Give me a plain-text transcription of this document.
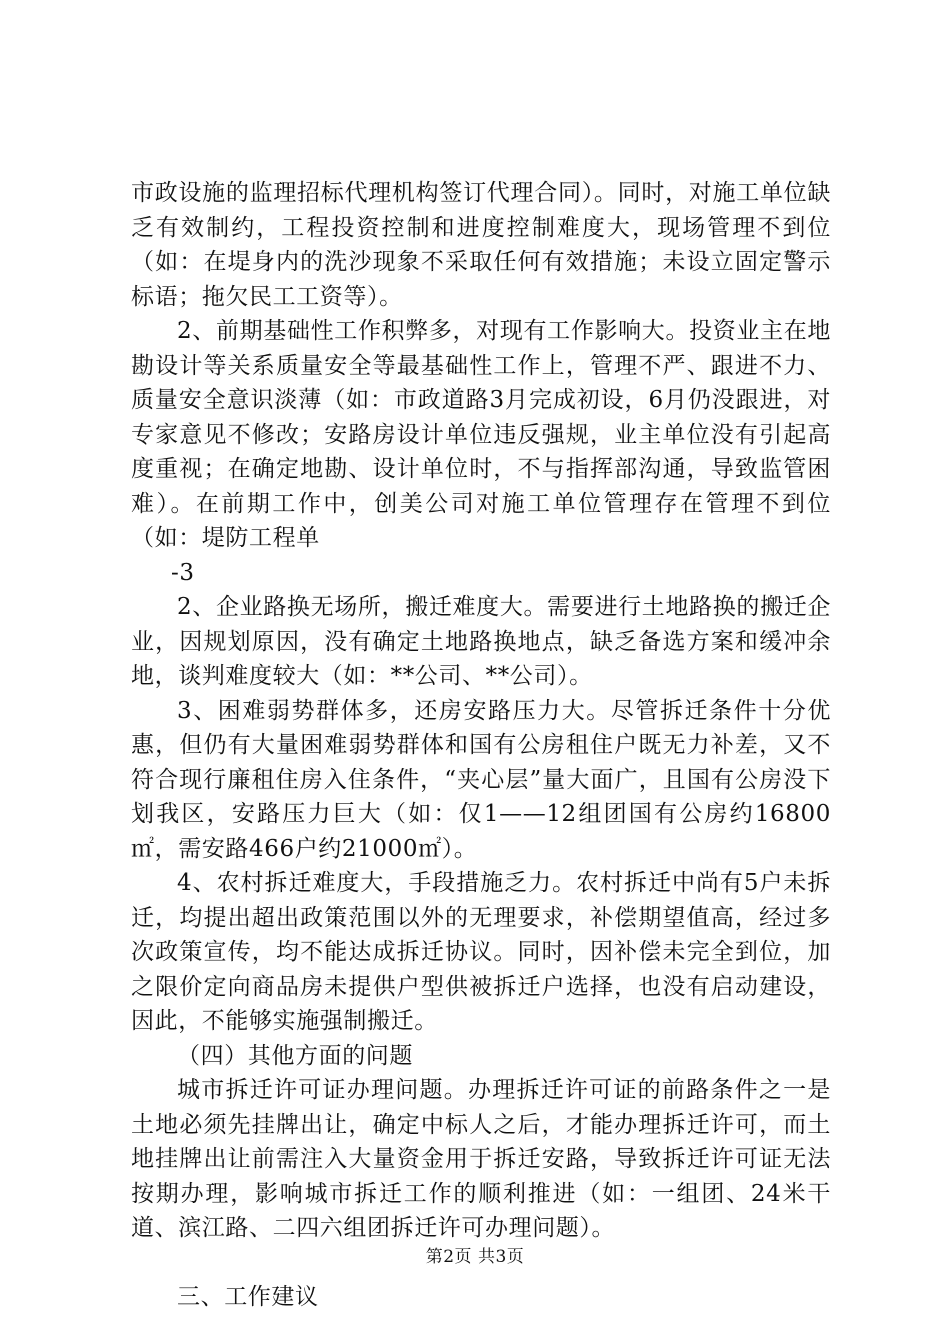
市政设施的监理招标代理机构签订代理合同）。同时，对施工单位缺乏有效制约，工程投资控制和进度控制难度大，现场管理不到位（如：在堤身内的洗沙现象不采取任何有效措施；未设立固定警示标语；拖欠民工工资等）。

2、前期基础性工作积弊多，对现有工作影响大。投资业主在地勘设计等关系质量安全等最基础性工作上，管理不严、跟进不力、质量安全意识淡薄（如：市政道路3月完成初设，6月仍没跟进，对专家意见不修改；安路房设计单位违反强规，业主单位没有引起高度重视；在确定地勘、设计单位时，不与指挥部沟通，导致监管困难）。在前期工作中，创美公司对施工单位管理存在管理不到位（如：堤防工程单

-3

2、企业路换无场所，搬迁难度大。需要进行土地路换的搬迁企业，因规划原因，没有确定土地路换地点，缺乏备选方案和缓冲余地，谈判难度较大（如：**公司、**公司）。

3、困难弱势群体多，还房安路压力大。尽管拆迁条件十分优惠，但仍有大量困难弱势群体和国有公房租住户既无力补差，又不符合现行廉租住房入住条件，“夹心层”量大面广，且国有公房没下划我区，安路压力巨大（如：仅1——12组团国有公房约16800㎡，需安路466户约21000㎡）。

4、农村拆迁难度大，手段措施乏力。农村拆迁中尚有5户未拆迁，均提出超出政策范围以外的无理要求，补偿期望值高，经过多次政策宣传，均不能达成拆迁协议。同时，因补偿未完全到位，加之限价定向商品房未提供户型供被拆迁户选择，也没有启动建设，因此，不能够实施强制搬迁。

（四）其他方面的问题

城市拆迁许可证办理问题。办理拆迁许可证的前路条件之一是土地必须先挂牌出让，确定中标人之后，才能办理拆迁许可，而土地挂牌出让前需注入大量资金用于拆迁安路，导致拆迁许可证无法按期办理，影响城市拆迁工作的顺利推进（如：一组团、24米干道、滨江路、二四六组团拆迁许可办理问题）。

三、工作建议

第2页 共3页
